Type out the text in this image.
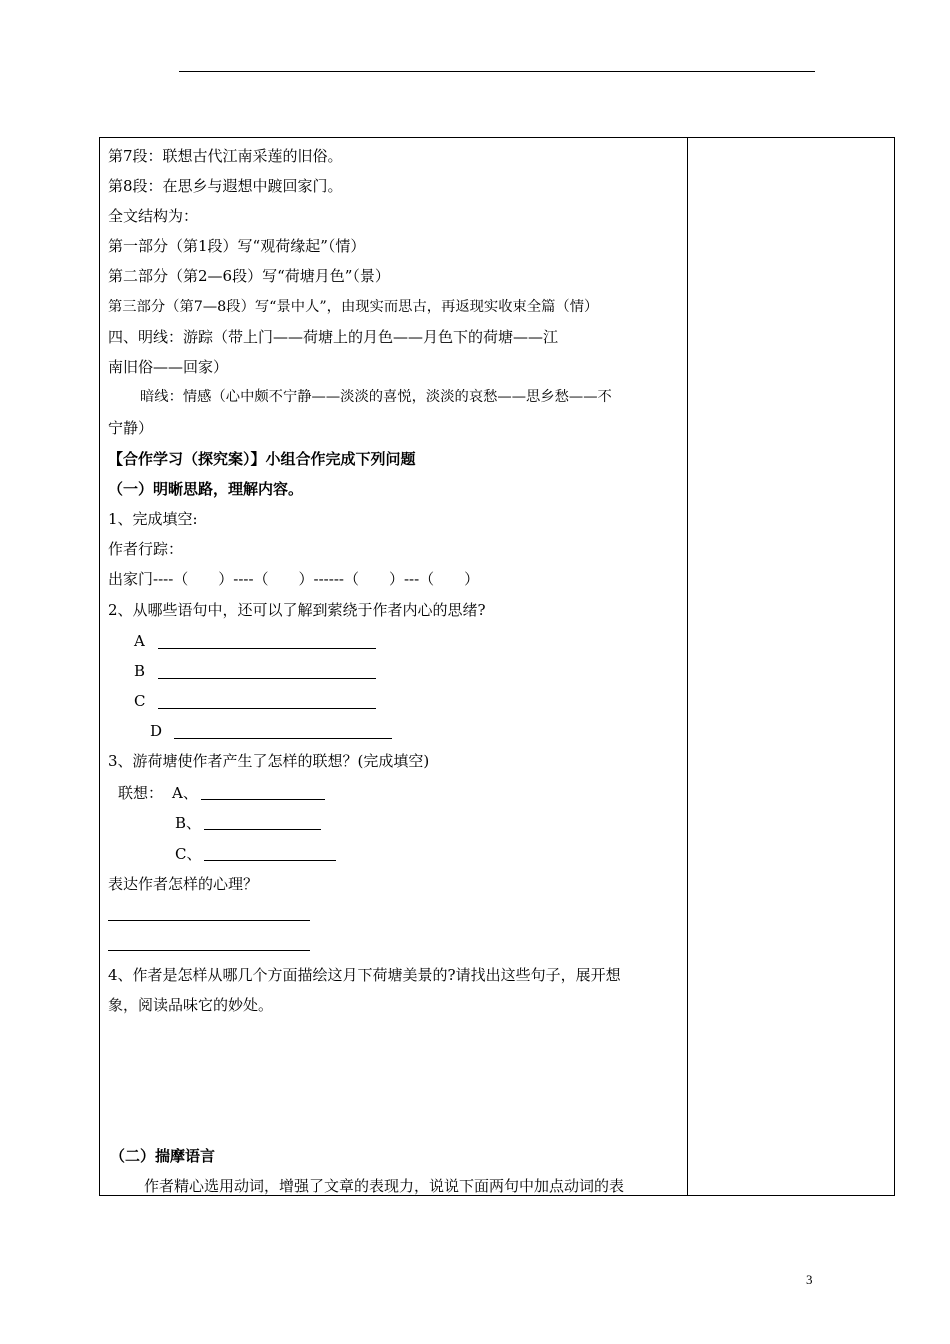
第7段：联想古代江南采莲的旧俗。
第8段：在思乡与遐想中踱回家门。
全文结构为：
第一部分（第1段）写“观荷缘起”（情）
第二部分（第2—6段）写“荷塘月色”（景）
第三部分（第7—8段）写“景中人”，由现实而思古，再返现实收束全篇（情）
四、明线：游踪（带上门——荷塘上的月色——月色下的荷塘——江
南旧俗——回家）
暗线：情感（心中颇不宁静——淡淡的喜悦，淡淡的哀愁——思乡愁——不
宁静）
【合作学习（探究案）】小组合作完成下列问题
（一）明晰思路，理解内容。
1、完成填空:
作者行踪：
出家门----（　　）----（　　）------（　　）---（　　）
2、从哪些语句中，还可以了解到萦绕于作者内心的思绪?
A
B
C
D
3、游荷塘使作者产生了怎样的联想？(完成填空)
联想： A、
B、
C、
表达作者怎样的心理？
4、作者是怎样从哪几个方面描绘这月下荷塘美景的?请找出这些句子，展开想
象，阅读品味它的妙处。
（二）揣摩语言
作者精心选用动词，增强了文章的表现力，说说下面两句中加点动词的表
3
